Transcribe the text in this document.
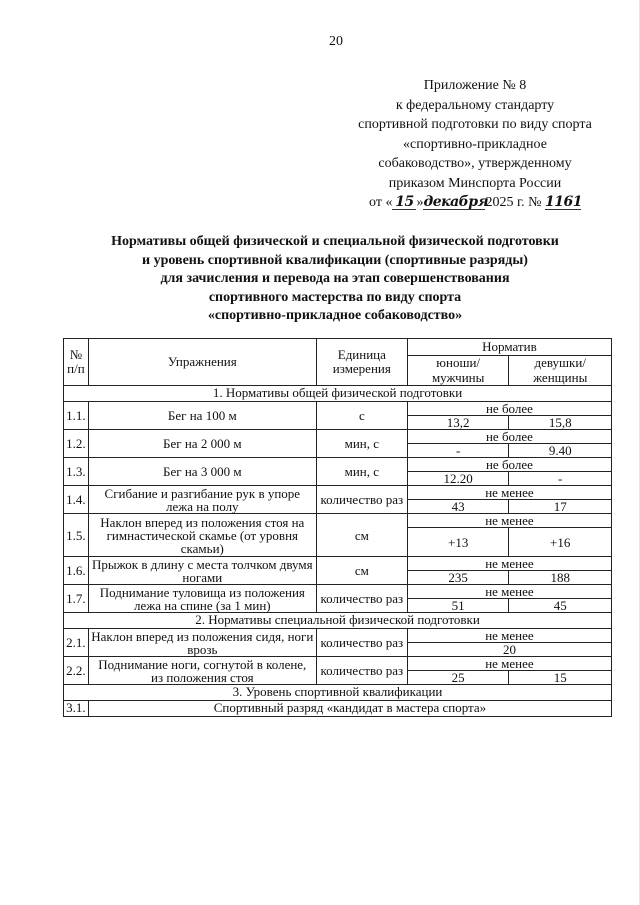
20
Приложение № 8
к федеральному стандарту
спортивной подготовки по виду спорта
«спортивно-прикладное
собаководство», утвержденному
приказом Минспорта России
от « 15 »декабря2025 г. № 1161
Нормативы общей физической и специальной физической подготовки
и уровень спортивной квалификации (спортивные разряды)
для зачисления и перевода на этап совершенствования
спортивного мастерства по виду спорта
«спортивно-прикладное собаководство»
№ п/п	Упражнения	Единица измерения	Норматив	
			юноши/ мужчины	девушки/ женщины
1. Нормативы общей физической подготовки				
1.1.	Бег на 100 м	с	не более	
			13,2	15,8
1.2.	Бег на 2 000 м	мин, с	не более	
			-	9.40
1.3.	Бег на 3 000 м	мин, с	не более	
			12.20	-
1.4.	Сгибание и разгибание рук в упоре лежа на полу	количество раз	не менее	
			43	17
1.5.	Наклон вперед из положения стоя на гимнастической скамье (от уровня скамьи)	см	не менее	
			+13	+16
1.6.	Прыжок в длину с места толчком двумя ногами	см	не менее	
			235	188
1.7.	Поднимание туловища из положения лежа на спине (за 1 мин)	количество раз	не менее	
			51	45
2. Нормативы специальной физической подготовки				
2.1.	Наклон вперед из положения сидя, ноги врозь	количество раз	не менее	
			20	
2.2.	Поднимание ноги, согнутой в колене, из положения стоя	количество раз	не менее	
			25	15
3. Уровень спортивной квалификации				
3.1.	Спортивный разряд «кандидат в мастера спорта»			
